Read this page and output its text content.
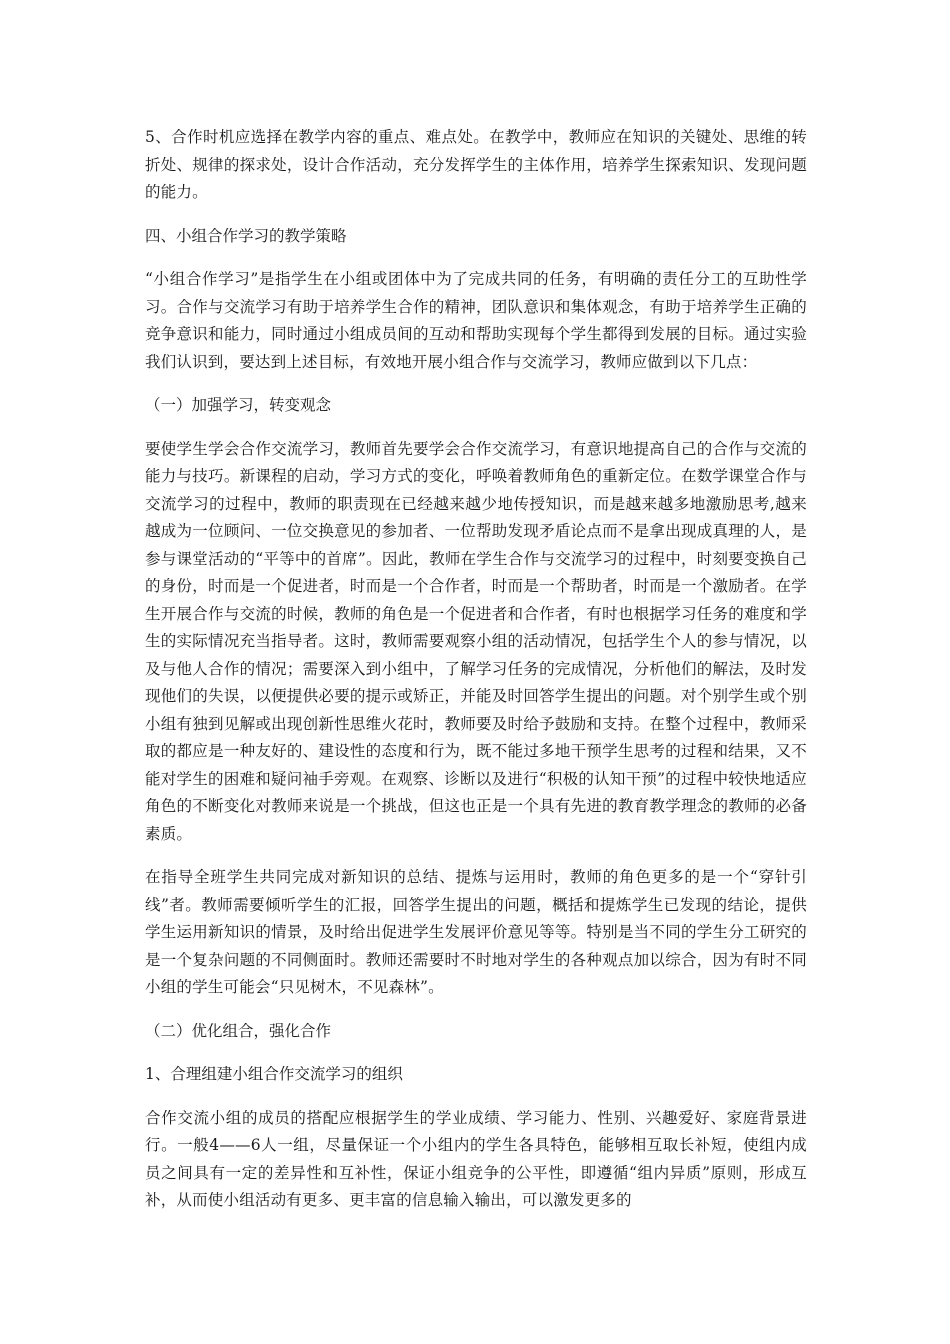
5、合作时机应选择在教学内容的重点、难点处。在教学中，教师应在知识的关键处、思维的转折处、规律的探求处，设计合作活动，充分发挥学生的主体作用，培养学生探索知识、发现问题的能力。

四、小组合作学习的教学策略

“小组合作学习”是指学生在小组或团体中为了完成共同的任务，有明确的责任分工的互助性学习。合作与交流学习有助于培养学生合作的精神，团队意识和集体观念，有助于培养学生正确的竞争意识和能力，同时通过小组成员间的互动和帮助实现每个学生都得到发展的目标。通过实验我们认识到，要达到上述目标，有效地开展小组合作与交流学习，教师应做到以下几点：

（一）加强学习，转变观念

要使学生学会合作交流学习，教师首先要学会合作交流学习，有意识地提高自己的合作与交流的能力与技巧。新课程的启动，学习方式的变化，呼唤着教师角色的重新定位。在数学课堂合作与交流学习的过程中，教师的职责现在已经越来越少地传授知识，而是越来越多地激励思考,越来越成为一位顾问、一位交换意见的参加者、一位帮助发现矛盾论点而不是拿出现成真理的人，是参与课堂活动的“平等中的首席”。因此，教师在学生合作与交流学习的过程中，时刻要变换自己的身份，时而是一个促进者，时而是一个合作者，时而是一个帮助者，时而是一个激励者。在学生开展合作与交流的时候，教师的角色是一个促进者和合作者，有时也根据学习任务的难度和学生的实际情况充当指导者。这时，教师需要观察小组的活动情况，包括学生个人的参与情况，以及与他人合作的情况；需要深入到小组中，了解学习任务的完成情况，分析他们的解法，及时发现他们的失误，以便提供必要的提示或矫正，并能及时回答学生提出的问题。对个别学生或个别小组有独到见解或出现创新性思维火花时，教师要及时给予鼓励和支持。在整个过程中，教师采取的都应是一种友好的、建设性的态度和行为，既不能过多地干预学生思考的过程和结果，又不能对学生的困难和疑问袖手旁观。在观察、诊断以及进行“积极的认知干预”的过程中较快地适应角色的不断变化对教师来说是一个挑战，但这也正是一个具有先进的教育教学理念的教师的必备素质。

在指导全班学生共同完成对新知识的总结、提炼与运用时，教师的角色更多的是一个“穿针引线”者。教师需要倾听学生的汇报，回答学生提出的问题，概括和提炼学生已发现的结论，提供学生运用新知识的情景，及时给出促进学生发展评价意见等等。特别是当不同的学生分工研究的是一个复杂问题的不同侧面时。教师还需要时不时地对学生的各种观点加以综合，因为有时不同小组的学生可能会“只见树木，不见森林”。

（二）优化组合，强化合作

1、合理组建小组合作交流学习的组织

合作交流小组的成员的搭配应根据学生的学业成绩、学习能力、性别、兴趣爱好、家庭背景进行。一般4——6人一组，尽量保证一个小组内的学生各具特色，能够相互取长补短，使组内成员之间具有一定的差异性和互补性，保证小组竞争的公平性，即遵循“组内异质”原则，形成互补，从而使小组活动有更多、更丰富的信息输入输出，可以激发更多的
